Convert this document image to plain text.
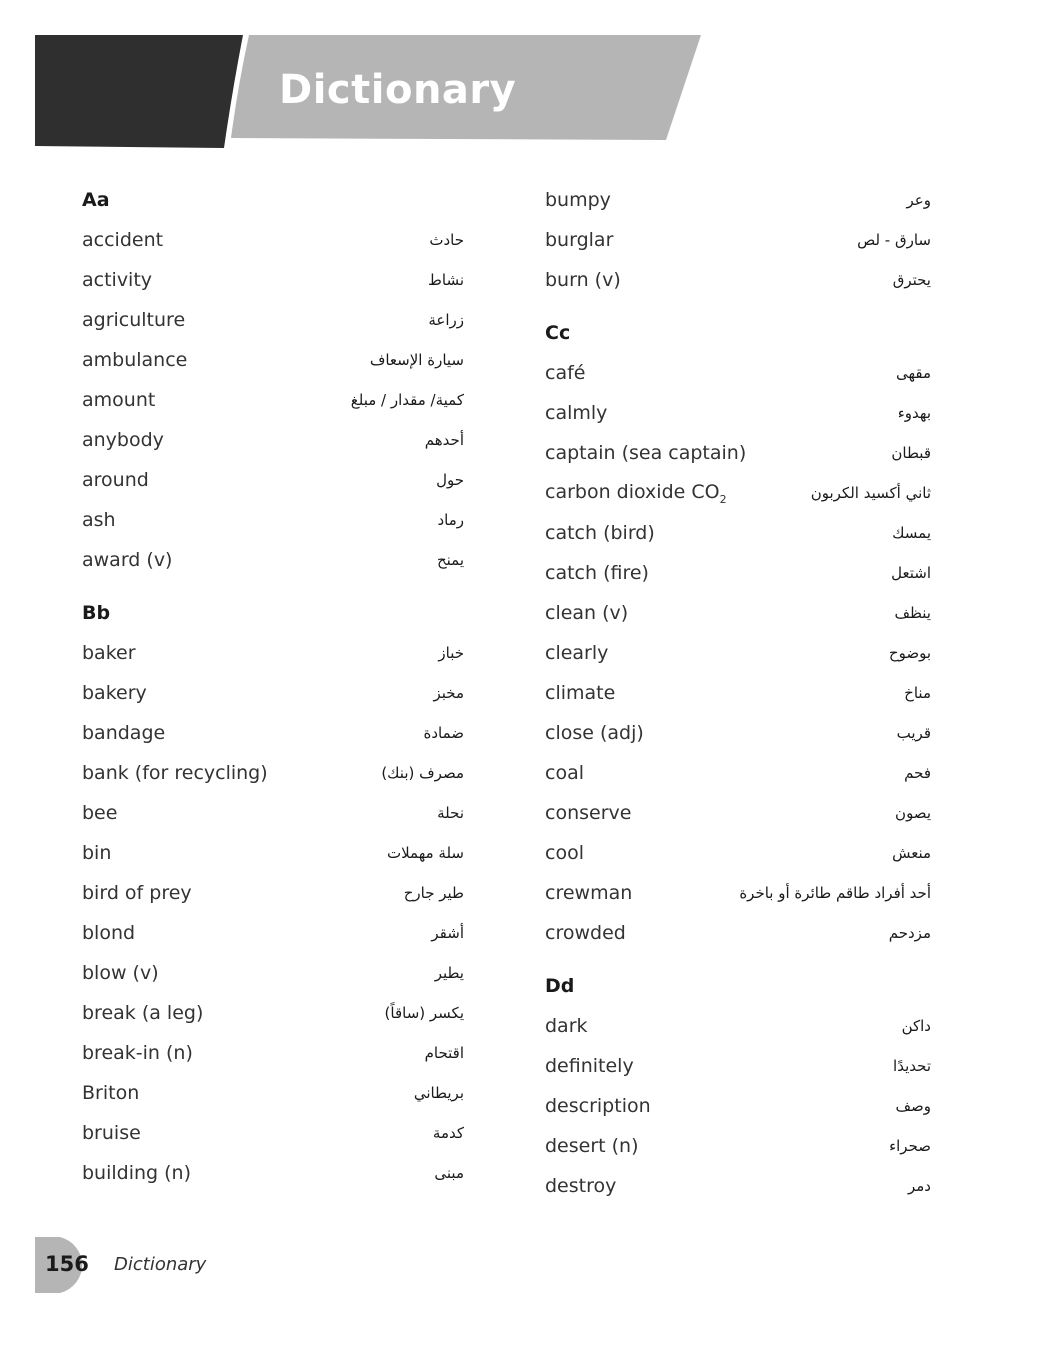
Dictionary
Aa
accident	حادث
activity	نشاط
agriculture	زراعة
ambulance	سيارة الإسعاف
amount	كمية/ مقدار / مبلغ
anybody	أحدهم
around	حول
ash	رماد
award (v)	يمنح
Bb
baker	خباز
bakery	مخبز
bandage	ضمادة
bank (for recycling)	مصرف (بنك)
bee	نحلة
bin	سلة مهملات
bird of prey	طير جارح
blond	أشقر
blow (v)	يطير
break (a leg)	يكسر (ساقاً)
break-in (n)	اقتحام
Briton	بريطاني
bruise	كدمة
building (n)	مبنى
bumpy	وعر
burglar	سارق - لص
burn (v)	يحترق
Cc
café	مقهى
calmly	بهدوء
captain (sea captain)	قبطان
carbon dioxide $CO_2$	ثاني أكسيد الكربون
catch (bird)	يمسك
catch (fire)	اشتعل
clean (v)	ينظف
clearly	بوضوح
climate	مناخ
close (adj)	قريب
coal	فحم
conserve	يصون
cool	منعش
crewman	أحد أفراد طاقم طائرة أو باخرة
crowded	مزدحم
Dd
dark	داكن
definitely	تحديدًا
description	وصف
desert (n)	صحراء
destroy	دمر
156 Dictionary
